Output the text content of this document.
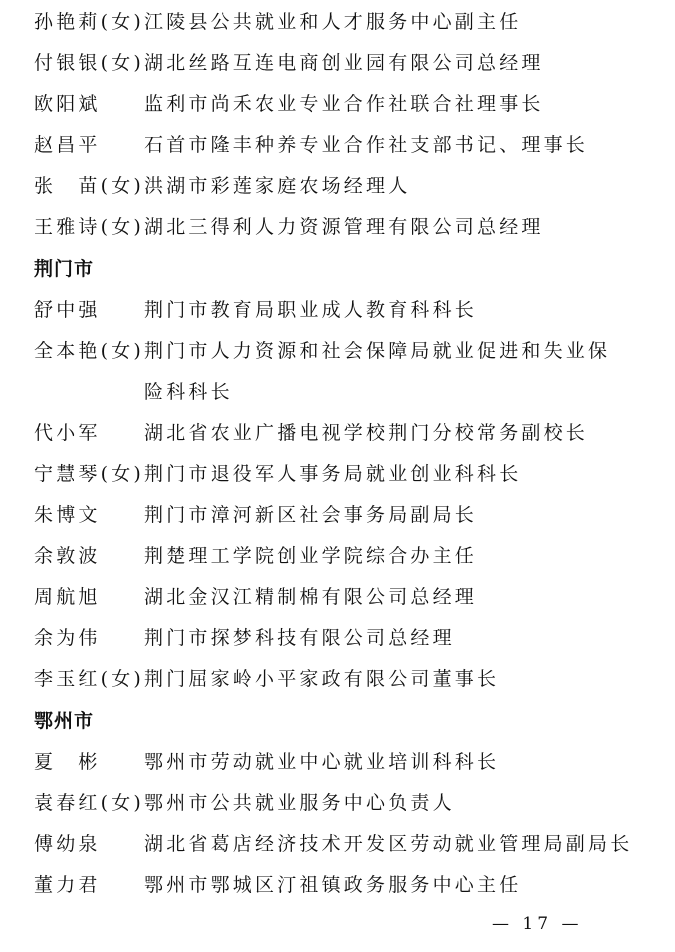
孙艳莉(女)江陵县公共就业和人才服务中心副主任
付银银(女)湖北丝路互连电商创业园有限公司总经理
欧阳斌 监利市尚禾农业专业合作社联合社理事长
赵昌平 石首市隆丰种养专业合作社支部书记、理事长
张　苗(女)洪湖市彩莲家庭农场经理人
王雅诗(女)湖北三得利人力资源管理有限公司总经理
荆门市
舒中强 荆门市教育局职业成人教育科科长
全本艳(女)荆门市人力资源和社会保障局就业促进和失业保
险科科长
代小军 湖北省农业广播电视学校荆门分校常务副校长
宁慧琴(女)荆门市退役军人事务局就业创业科科长
朱博文 荆门市漳河新区社会事务局副局长
余敦波 荆楚理工学院创业学院综合办主任
周航旭 湖北金汉江精制棉有限公司总经理
余为伟 荆门市探梦科技有限公司总经理
李玉红(女)荆门屈家岭小平家政有限公司董事长
鄂州市
夏　彬 鄂州市劳动就业中心就业培训科科长
袁春红(女)鄂州市公共就业服务中心负责人
傅幼泉 湖北省葛店经济技术开发区劳动就业管理局副局长
董力君 鄂州市鄂城区汀祖镇政务服务中心主任
— 17 —
